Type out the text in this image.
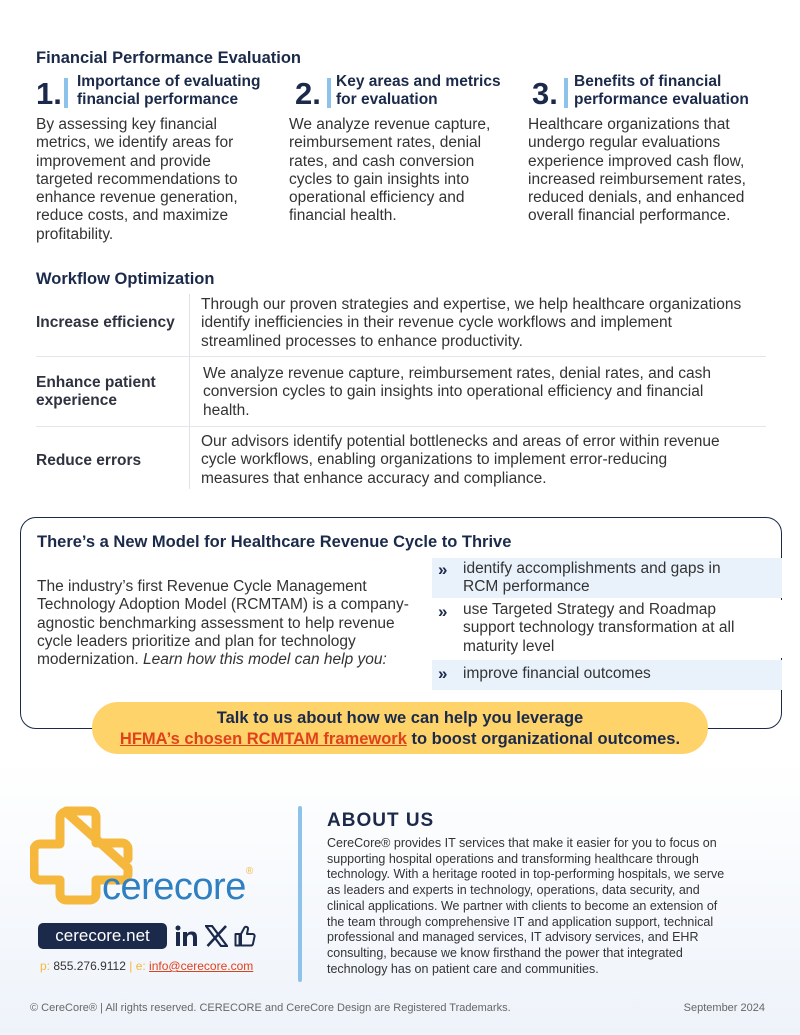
Financial Performance Evaluation
1. Importance of evaluating
financial performance
By assessing key financial
metrics, we identify areas for
improvement and provide
targeted recommendations to
enhance revenue generation,
reduce costs, and maximize
profitability.
2. Key areas and metrics
for evaluation
We analyze revenue capture,
reimbursement rates, denial
rates, and cash conversion
cycles to gain insights into
operational efficiency and
financial health.
3. Benefits of financial
performance evaluation
Healthcare organizations that
undergo regular evaluations
experience improved cash flow,
increased reimbursement rates,
reduced denials, and enhanced
overall financial performance.
Workflow Optimization
Increase efficiency
Through our proven strategies and expertise, we help healthcare organizations
identify inefficiencies in their revenue cycle workflows and implement
streamlined processes to enhance productivity.
Enhance patient
experience
We analyze revenue capture, reimbursement rates, denial rates, and cash
conversion cycles to gain insights into operational efficiency and financial
health.
Reduce errors
Our advisors identify potential bottlenecks and areas of error within revenue
cycle workflows, enabling organizations to implement error-reducing
measures that enhance accuracy and compliance.
There’s a New Model for Healthcare Revenue Cycle to Thrive
The industry’s first Revenue Cycle Management
Technology Adoption Model (RCMTAM) is a company-
agnostic benchmarking assessment to help revenue
cycle leaders prioritize and plan for technology
modernization. Learn how this model can help you:
» identify accomplishments and gaps in
RCM performance
» use Targeted Strategy and Roadmap
support technology transformation at all
maturity level
» improve financial outcomes
Talk to us about how we can help you leverage
HFMA’s chosen RCMTAM framework to boost organizational outcomes.
cerecore®
cerecore.net
p: 855.276.9112 | e: info@cerecore.com
ABOUT US
CereCore® provides IT services that make it easier for you to focus on
supporting hospital operations and transforming healthcare through
technology. With a heritage rooted in top-performing hospitals, we serve
as leaders and experts in technology, operations, data security, and
clinical applications. We partner with clients to become an extension of
the team through comprehensive IT and application support, technical
professional and managed services, IT advisory services, and EHR
consulting, because we know firsthand the power that integrated
technology has on patient care and communities.
© CereCore® | All rights reserved. CERECORE and CereCore Design are Registered Trademarks.	September 2024
